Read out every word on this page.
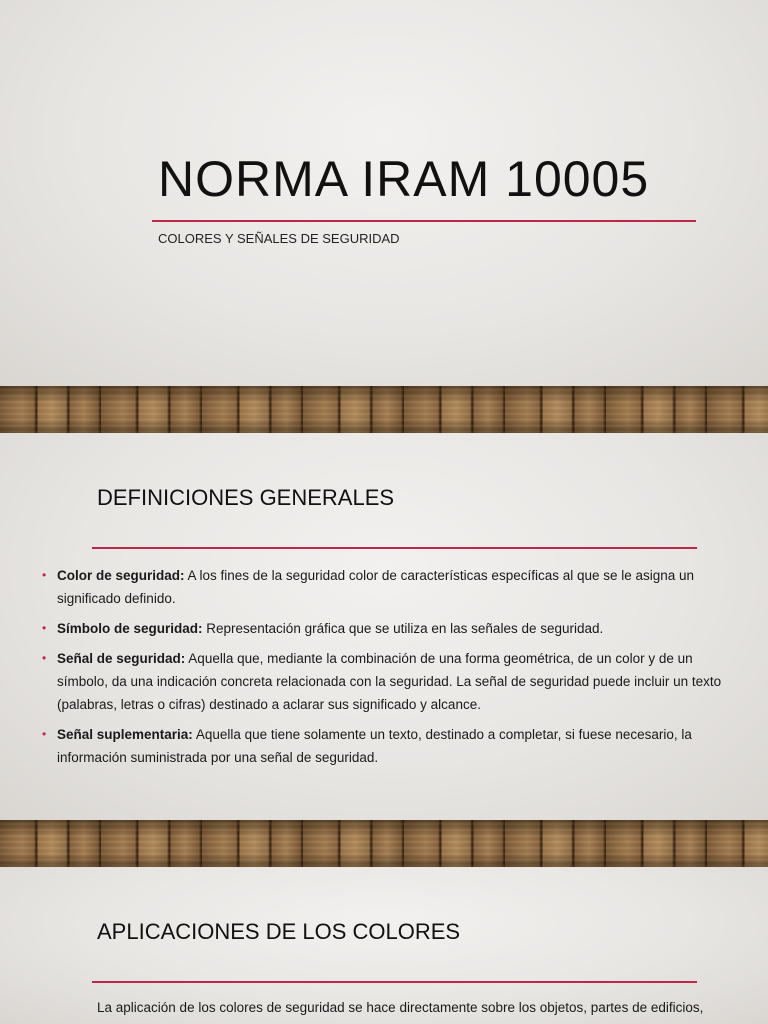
NORMA IRAM 10005

COLORES Y SEÑALES DE SEGURIDAD

DEFINICIONES GENERALES
• Color de seguridad: A los fines de la seguridad color de características específicas al que se le asigna un significado definido.
• Símbolo de seguridad: Representación gráfica que se utiliza en las señales de seguridad.
• Señal de seguridad: Aquella que, mediante la combinación de una forma geométrica, de un color y de un símbolo, da una indicación concreta relacionada con la seguridad. La señal de seguridad puede incluir un texto (palabras, letras o cifras) destinado a aclarar sus significado y alcance.
• Señal suplementaria: Aquella que tiene solamente un texto, destinado a completar, si fuese necesario, la información suministrada por una señal de seguridad.
APLICACIONES DE LOS COLORES

La aplicación de los colores de seguridad se hace directamente sobre los objetos, partes de edificios,
